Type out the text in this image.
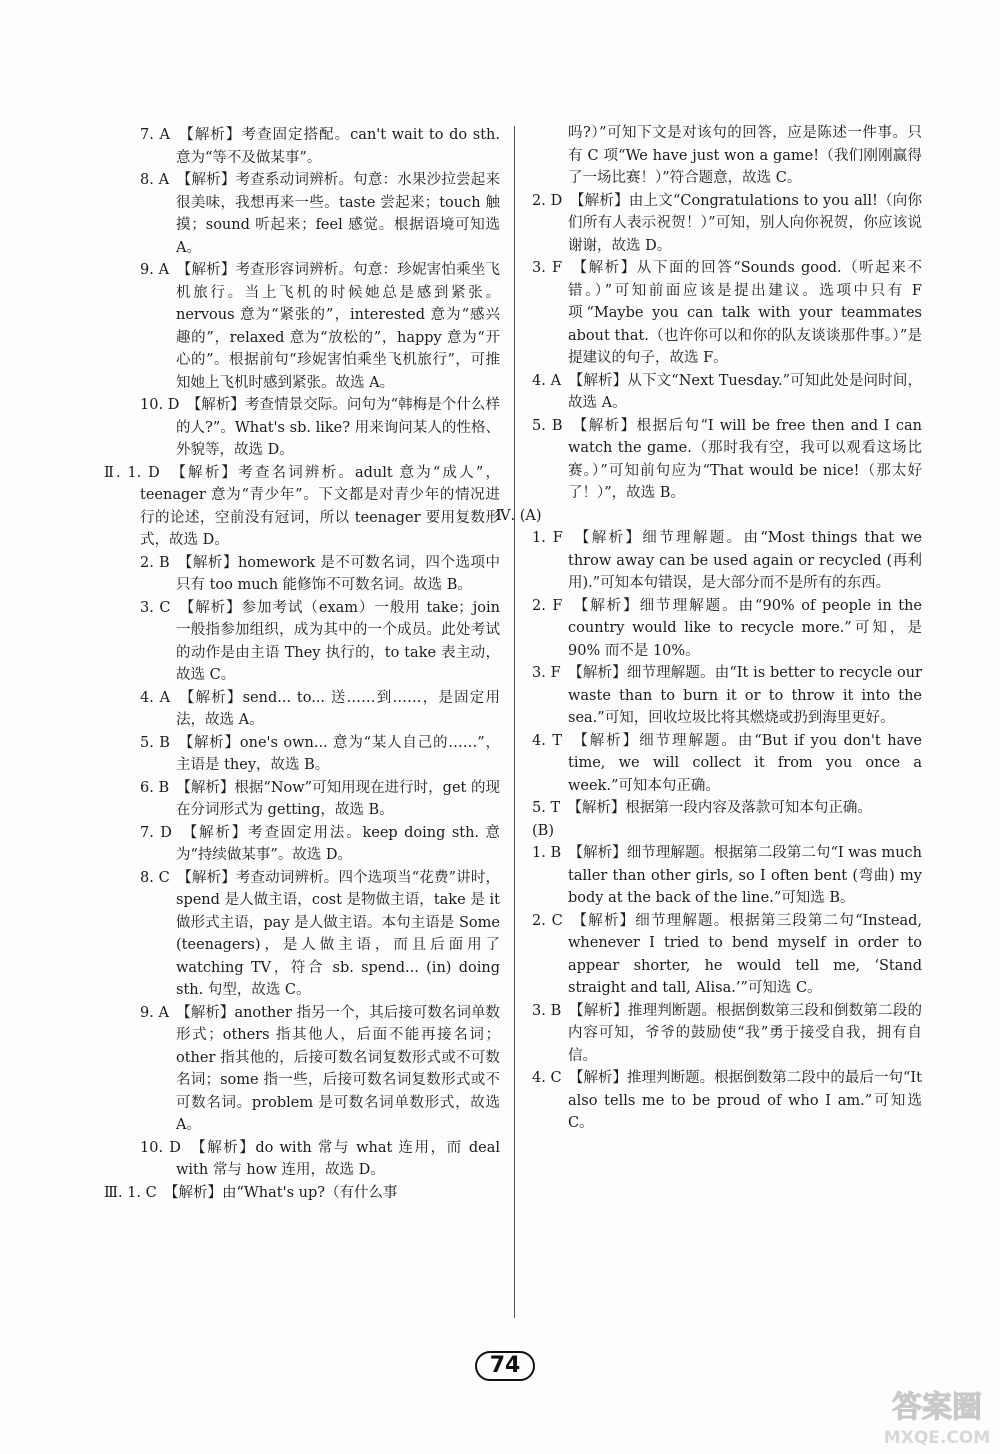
7. A　【解析】考查固定搭配。can't wait to do sth. 意为“等不及做某事”。

8. A　【解析】考查系动词辨析。句意：水果沙拉尝起来很美味，我想再来一些。taste 尝起来；touch 触摸；sound 听起来；feel 感觉。根据语境可知选 A。

9. A　【解析】考查形容词辨析。句意：珍妮害怕乘坐飞机旅行。当上飞机的时候她总是感到紧张。nervous 意为“紧张的”，interested 意为“感兴趣的”，relaxed 意为“放松的”，happy 意为“开心的”。根据前句“珍妮害怕乘坐飞机旅行”，可推知她上飞机时感到紧张。故选 A。

10. D　【解析】考查情景交际。问句为“韩梅是个什么样的人?”。What's sb. like? 用来询问某人的性格、外貌等，故选 D。

Ⅱ. 1. D　【解析】考查名词辨析。adult 意为“成人”，teenager 意为“青少年”。下文都是对青少年的情况进行的论述，空前没有冠词，所以 teenager 要用复数形式，故选 D。

2. B　【解析】homework 是不可数名词，四个选项中只有 too much 能修饰不可数名词。故选 B。

3. C　【解析】参加考试（exam）一般用 take；join 一般指参加组织，成为其中的一个成员。此处考试的动作是由主语 They 执行的，to take 表主动，故选 C。

4. A　【解析】send... to... 送……到……，是固定用法，故选 A。

5. B　【解析】one's own... 意为“某人自己的……”，主语是 they，故选 B。

6. B　【解析】根据“Now”可知用现在进行时，get 的现在分词形式为 getting，故选 B。

7. D　【解析】考查固定用法。keep doing sth. 意为“持续做某事”。故选 D。

8. C　【解析】考查动词辨析。四个选项当“花费”讲时，spend 是人做主语，cost 是物做主语，take 是 it 做形式主语，pay 是人做主语。本句主语是 Some (teenagers)，是人做主语，而且后面用了 watching TV，符合 sb. spend... (in) doing sth. 句型，故选 C。

9. A　【解析】another 指另一个，其后接可数名词单数形式；others 指其他人，后面不能再接名词；other 指其他的，后接可数名词复数形式或不可数名词；some 指一些，后接可数名词复数形式或不可数名词。problem 是可数名词单数形式，故选 A。

10. D　【解析】do with 常与 what 连用，而 deal with 常与 how 连用，故选 D。

Ⅲ. 1. C　【解析】由“What's up?（有什么事

吗?）”可知下文是对该句的回答，应是陈述一件事。只有 C 项“We have just won a game!（我们刚刚赢得了一场比赛！）”符合题意，故选 C。

2. D　【解析】由上文“Congratulations to you all!（向你们所有人表示祝贺！）”可知，别人向你祝贺，你应该说谢谢，故选 D。

3. F　【解析】从下面的回答“Sounds good.（听起来不错。）”可知前面应该是提出建议。选项中只有 F 项“Maybe you can talk with your teammates about that.（也许你可以和你的队友谈谈那件事。）”是提建议的句子，故选 F。

4. A　【解析】从下文“Next Tuesday.”可知此处是问时间，故选 A。

5. B　【解析】根据后句“I will be free then and I can watch the game.（那时我有空，我可以观看这场比赛。）”可知前句应为“That would be nice!（那太好了！）”，故选 B。

Ⅳ. (A)

1. F　【解析】细节理解题。由“Most things that we throw away can be used again or recycled (再利用).”可知本句错误，是大部分而不是所有的东西。

2. F　【解析】细节理解题。由“90% of people in the country would like to recycle more.”可知，是 90% 而不是 10%。

3. F　【解析】细节理解题。由“It is better to recycle our waste than to burn it or to throw it into the sea.”可知，回收垃圾比将其燃烧或扔到海里更好。

4. T　【解析】细节理解题。由“But if you don't have time, we will collect it from you once a week.”可知本句正确。

5. T　【解析】根据第一段内容及落款可知本句正确。

(B)

1. B　【解析】细节理解题。根据第二段第二句“I was much taller than other girls, so I often bent (弯曲) my body at the back of the line.”可知选 B。

2. C　【解析】细节理解题。根据第三段第二句“Instead, whenever I tried to bend myself in order to appear shorter, he would tell me, ‘Stand straight and tall, Alisa.’”可知选 C。

3. B　【解析】推理判断题。根据倒数第三段和倒数第二段的内容可知，爷爷的鼓励使“我”勇于接受自我，拥有自信。

4. C　【解析】推理判断题。根据倒数第二段中的最后一句“It also tells me to be proud of who I am.”可知选 C。

74
答案圈
MXQE.COM
